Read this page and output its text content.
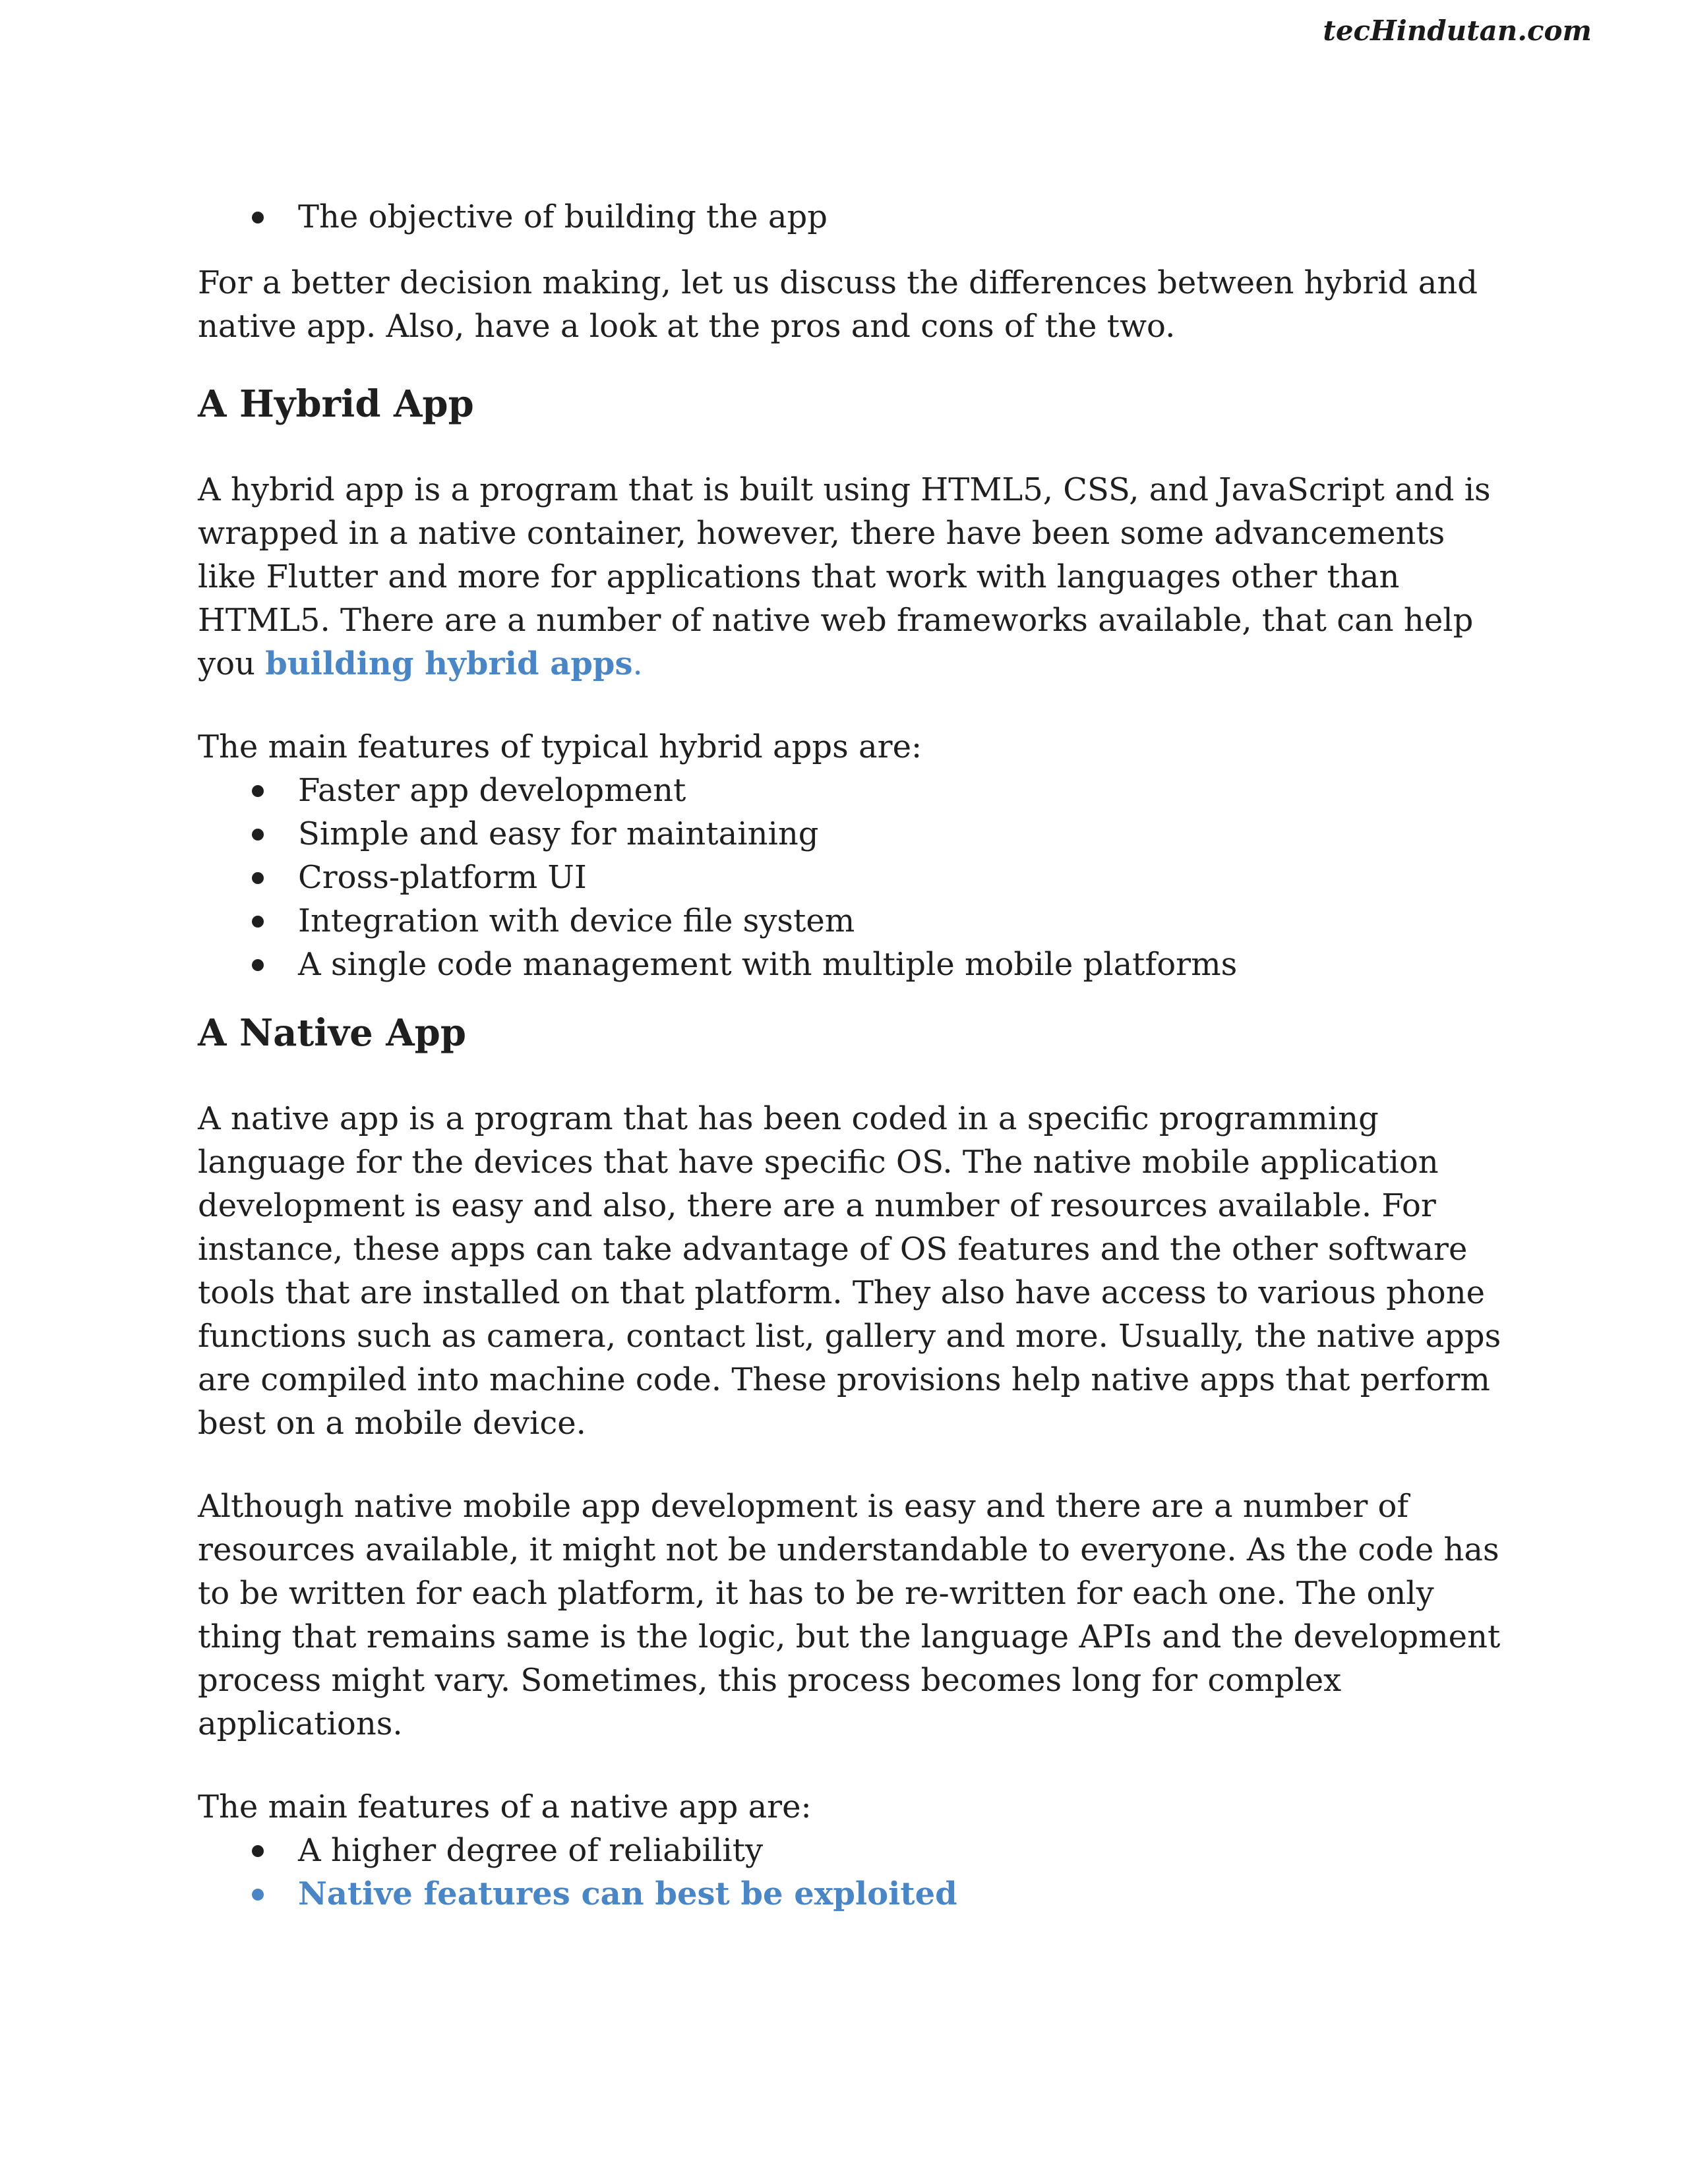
tecHindutan.com
The objective of building the app

For a better decision making, let us discuss the differences between hybrid and native app. Also, have a look at the pros and cons of the two.

A Hybrid App

A hybrid app is a program that is built using HTML5, CSS, and JavaScript and is wrapped in a native container, however, there have been some advancements like Flutter and more for applications that work with languages other than HTML5. There are a number of native web frameworks available, that can help you building hybrid apps.

The main features of typical hybrid apps are:

Faster app development
Simple and easy for maintaining
Cross-platform UI
Integration with device file system
A single code management with multiple mobile platforms
A Native App

A native app is a program that has been coded in a specific programming language for the devices that have specific OS. The native mobile application development is easy and also, there are a number of resources available. For instance, these apps can take advantage of OS features and the other software tools that are installed on that platform. They also have access to various phone functions such as camera, contact list, gallery and more. Usually, the native apps are compiled into machine code. These provisions help native apps that perform best on a mobile device.

Although native mobile app development is easy and there are a number of resources available, it might not be understandable to everyone. As the code has to be written for each platform, it has to be re-written for each one. The only thing that remains same is the logic, but the language APIs and the development process might vary. Sometimes, this process becomes long for complex applications.

The main features of a native app are:

A higher degree of reliability
Native features can best be exploited
